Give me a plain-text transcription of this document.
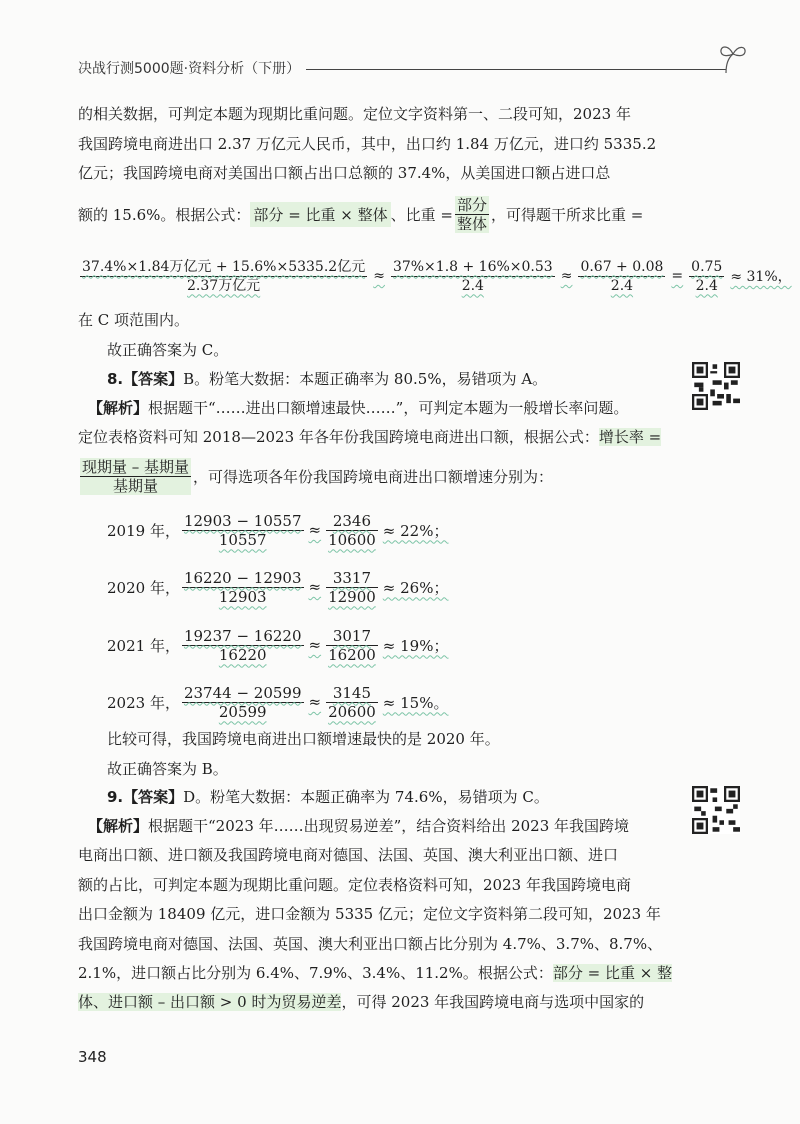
决战行测5000题·资料分析（下册）
的相关数据，可判定本题为现期比重问题。定位文字资料第一、二段可知，2023 年
我国跨境电商进出口 2.37 万亿元人民币，其中，出口约 1.84 万亿元，进口约 5335.2
亿元；我国跨境电商对美国出口额占出口总额的 37.4%，从美国进口额占进口总
额的 15.6%。根据公式： 部分 = 比重 × 整体 、比重 = $\frac{\text{部分}}{\text{整体}}$ ，可得题干所求比重 =
$\frac{\text{37.4\%×1.84万亿元 + 15.6\%×5335.2亿元}}{\text{2.37万亿元}} \approx \frac{37\%\times 1.8 + 16\%\times 0.53}{2.4} \approx \frac{0.67 + 0.08}{2.4} = \frac{0.75}{2.4} \approx 31\%$，
在 C 项范围内。
故正确答案为 C。
8.【答案】B。粉笔大数据：本题正确率为 80.5%，易错项为 A。
【解析】根据题干“……进出口额增速最快……”，可判定本题为一般增长率问题。
定位表格资料可知 2018—2023 年各年份我国跨境电商进出口额，根据公式：增长率 =
$\frac{\text{现期量 – 基期量}}{\text{基期量}}$ ，可得选项各年份我国跨境电商进出口额增速分别为：
2019 年， $\frac{12903 - 10557}{10557} \approx \frac{2346}{10600} \approx 22\%$；
2020 年， $\frac{16220 - 12903}{12903} \approx \frac{3317}{12900} \approx 26\%$；
2021 年， $\frac{19237 - 16220}{16220} \approx \frac{3017}{16200} \approx 19\%$；
2023 年， $\frac{23744 - 20599}{20599} \approx \frac{3145}{20600} \approx 15\%$。
比较可得，我国跨境电商进出口额增速最快的是 2020 年。
故正确答案为 B。
9.【答案】D。粉笔大数据：本题正确率为 74.6%，易错项为 C。
【解析】根据题干“2023 年……出现贸易逆差”，结合资料给出 2023 年我国跨境
电商出口额、进口额及我国跨境电商对德国、法国、英国、澳大利亚出口额、进口
额的占比，可判定本题为现期比重问题。定位表格资料可知，2023 年我国跨境电商
出口金额为 18409 亿元，进口金额为 5335 亿元；定位文字资料第二段可知，2023 年
我国跨境电商对德国、法国、英国、澳大利亚出口额占比分别为 4.7%、3.7%、8.7%、
2.1%，进口额占比分别为 6.4%、7.9%、3.4%、11.2%。根据公式：部分 = 比重 × 整
体、进口额 – 出口额 > 0 时为贸易逆差，可得 2023 年我国跨境电商与选项中国家的
348
